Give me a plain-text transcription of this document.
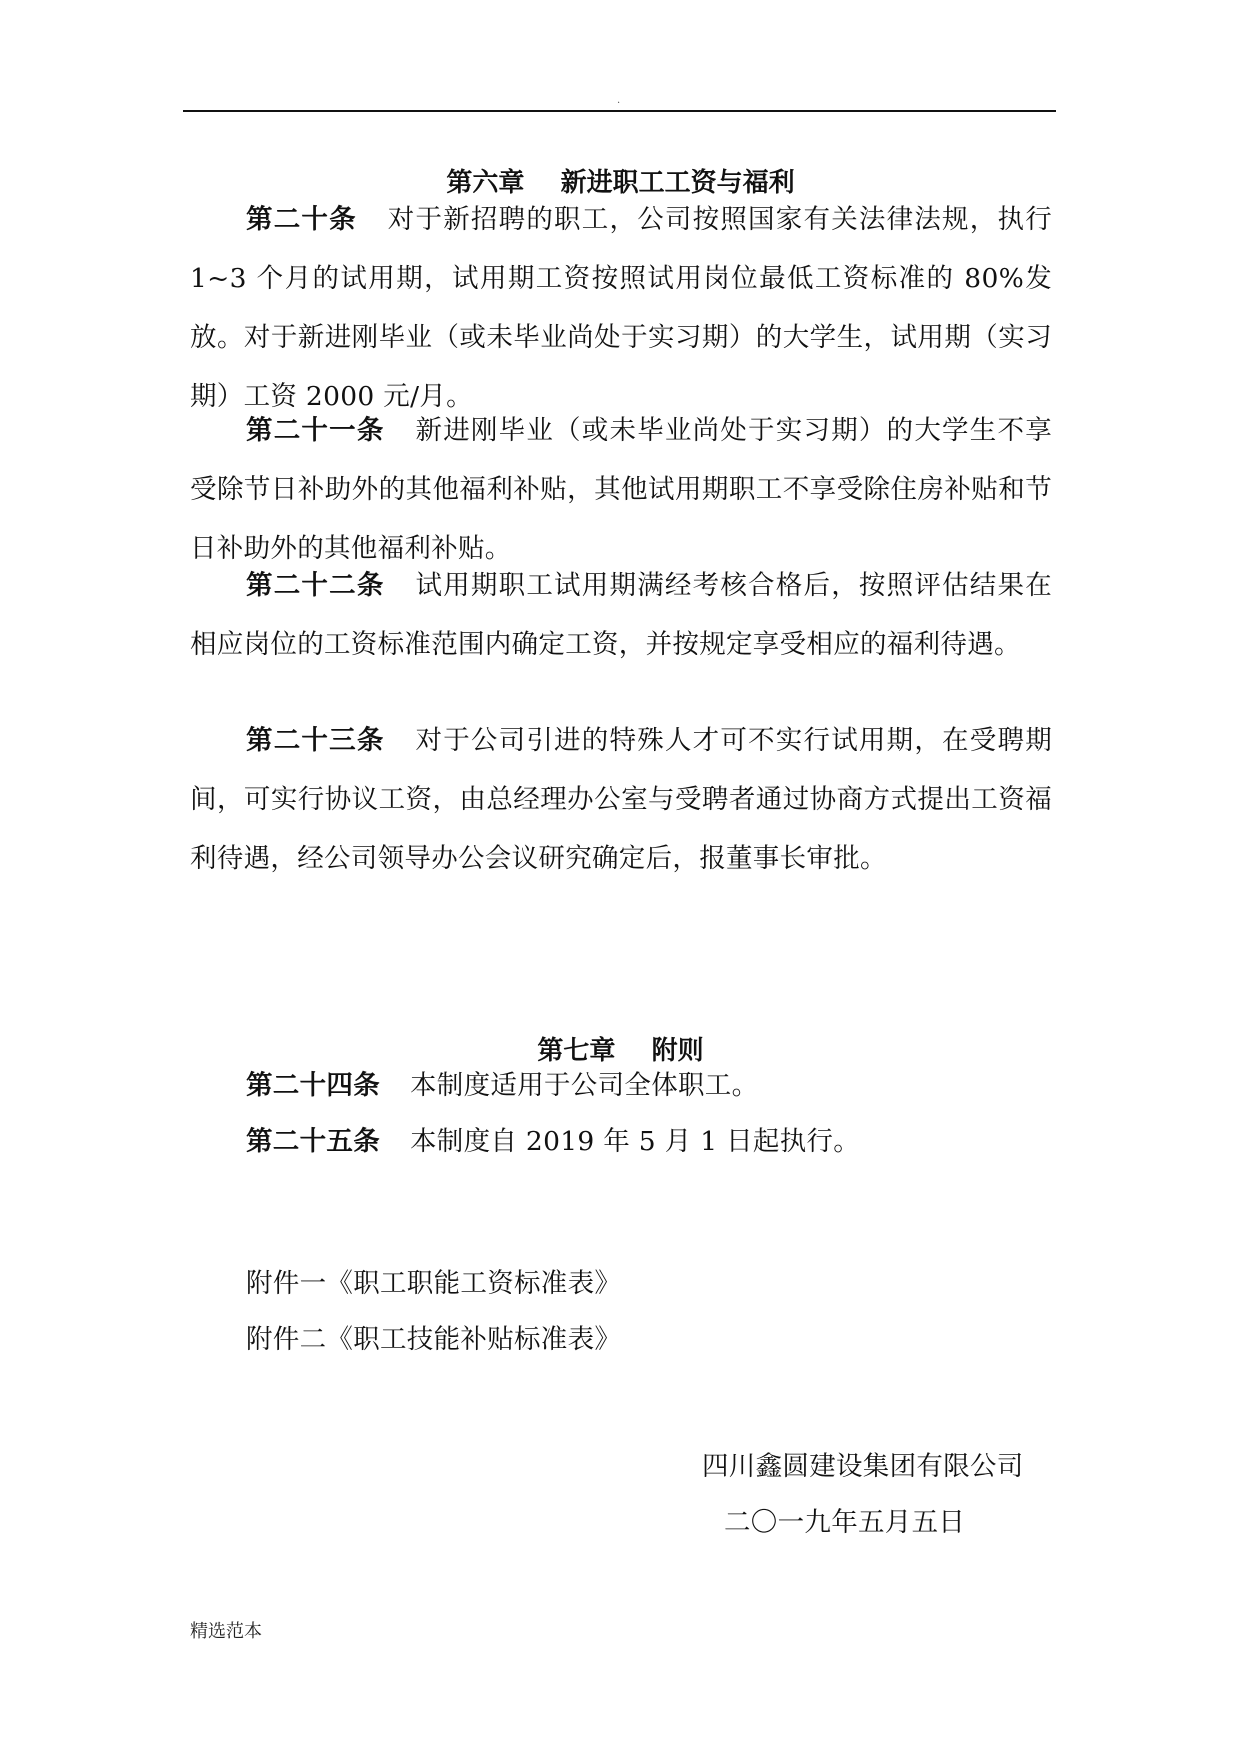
.
第六章    新进职工工资与福利
第二十条 对于新招聘的职工，公司按照国家有关法律法规，执行 1~3 个月的试用期，试用期工资按照试用岗位最低工资标准的 80%发放。对于新进刚毕业（或未毕业尚处于实习期）的大学生，试用期（实习期）工资 2000 元/月。
第二十一条 新进刚毕业（或未毕业尚处于实习期）的大学生不享受除节日补助外的其他福利补贴，其他试用期职工不享受除住房补贴和节日补助外的其他福利补贴。
第二十二条 试用期职工试用期满经考核合格后，按照评估结果在相应岗位的工资标准范围内确定工资，并按规定享受相应的福利待遇。
第二十三条 对于公司引进的特殊人才可不实行试用期，在受聘期间，可实行协议工资，由总经理办公室与受聘者通过协商方式提出工资福利待遇，经公司领导办公会议研究确定后，报董事长审批。
第七章    附则
第二十四条 本制度适用于公司全体职工。
第二十五条 本制度自 2019 年 5 月 1 日起执行。
附件一《职工职能工资标准表》
附件二《职工技能补贴标准表》
四川鑫圆建设集团有限公司
二〇一九年五月五日
精选范本
